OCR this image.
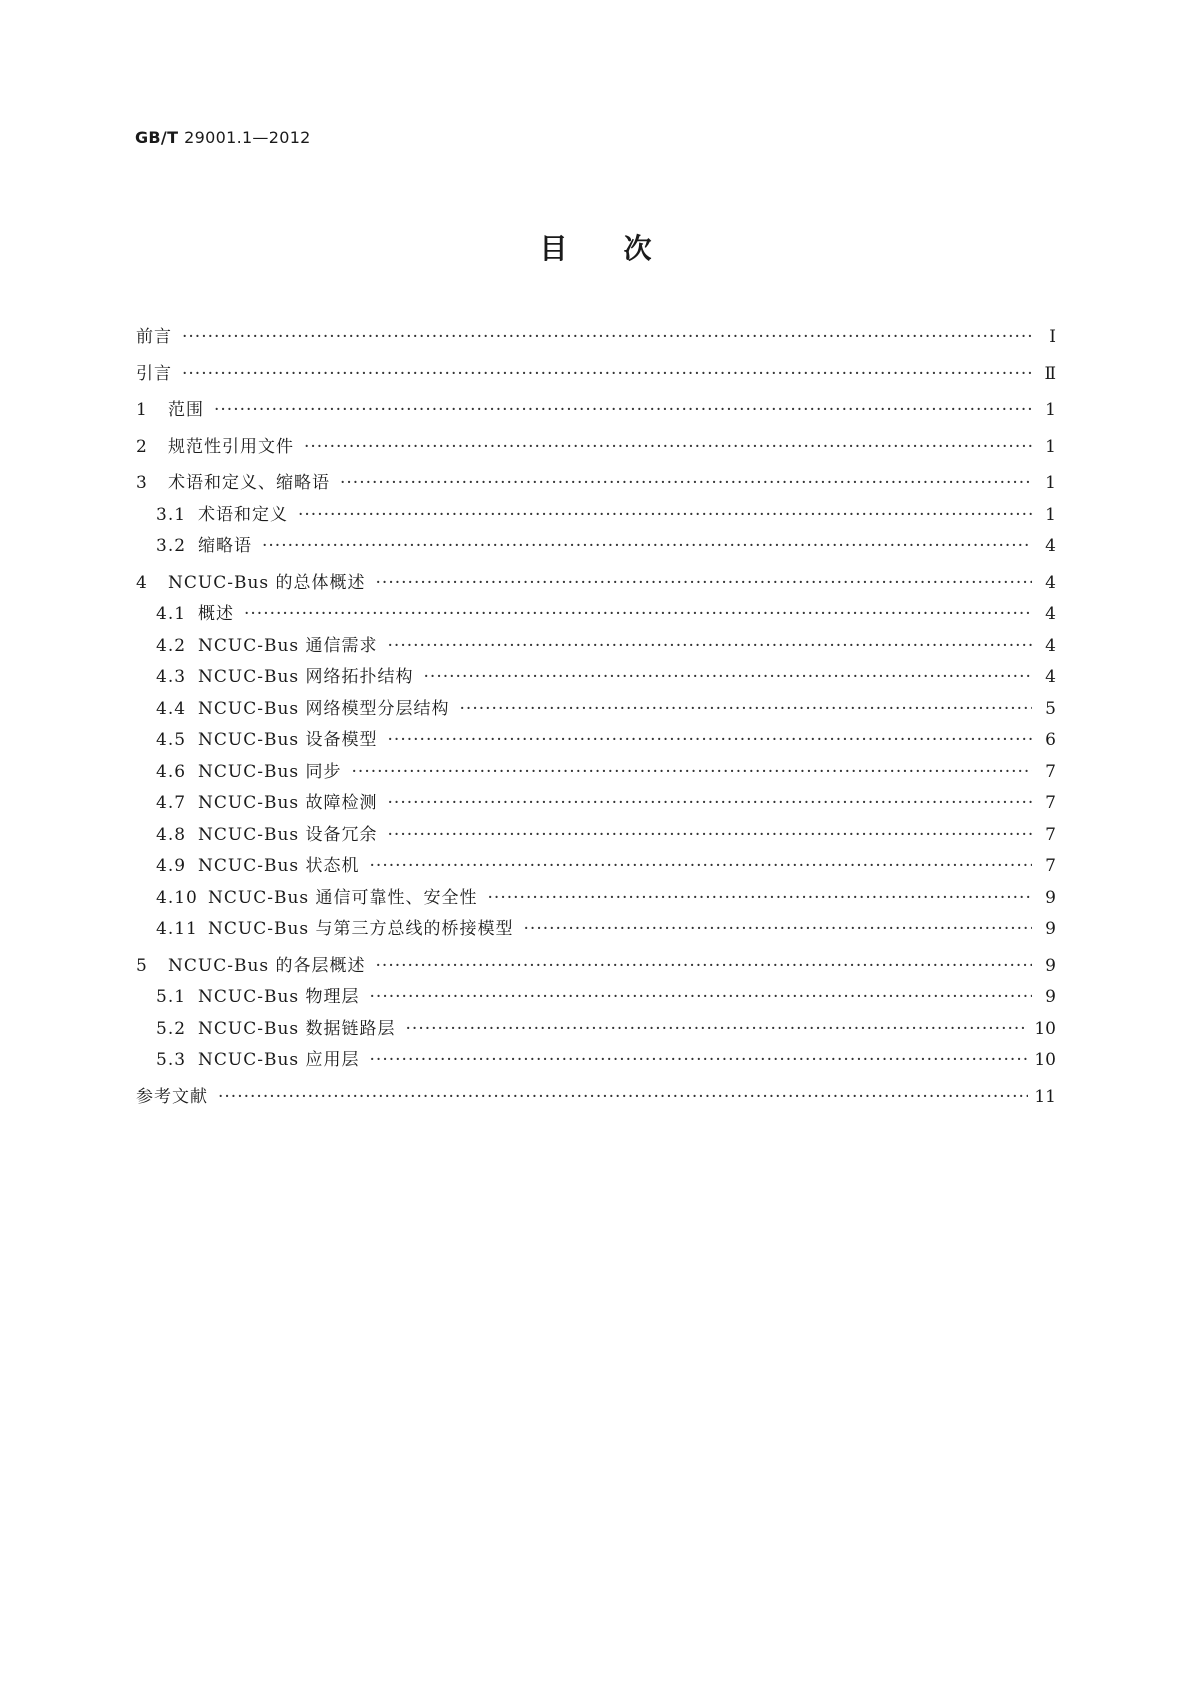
GB/T 29001.1—2012
目 次
前言 ·····	Ⅰ
引言 ·····	Ⅱ
1	范围 ·····	1
2	规范性引用文件 ·····	1
3	术语和定义、缩略语 ·····	1
3.1 术语和定义 ·····	1
3.2 缩略语 ·····	4
4	NCUC-Bus 的总体概述 ·····	4
4.1 概述 ·····	4
4.2 NCUC-Bus 通信需求 ·····	4
4.3 NCUC-Bus 网络拓扑结构 ·····	4
4.4 NCUC-Bus 网络模型分层结构 ·····	5
4.5 NCUC-Bus 设备模型 ·····	6
4.6 NCUC-Bus 同步 ·····	7
4.7 NCUC-Bus 故障检测 ·····	7
4.8 NCUC-Bus 设备冗余 ·····	7
4.9 NCUC-Bus 状态机 ·····	7
4.10 NCUC-Bus 通信可靠性、安全性 ·····	9
4.11 NCUC-Bus 与第三方总线的桥接模型 ·····	9
5	NCUC-Bus 的各层概述 ·····	9
5.1 NCUC-Bus 物理层 ·····	9
5.2 NCUC-Bus 数据链路层 ·····	10
5.3 NCUC-Bus 应用层 ·····	10
参考文献 ·····	11
